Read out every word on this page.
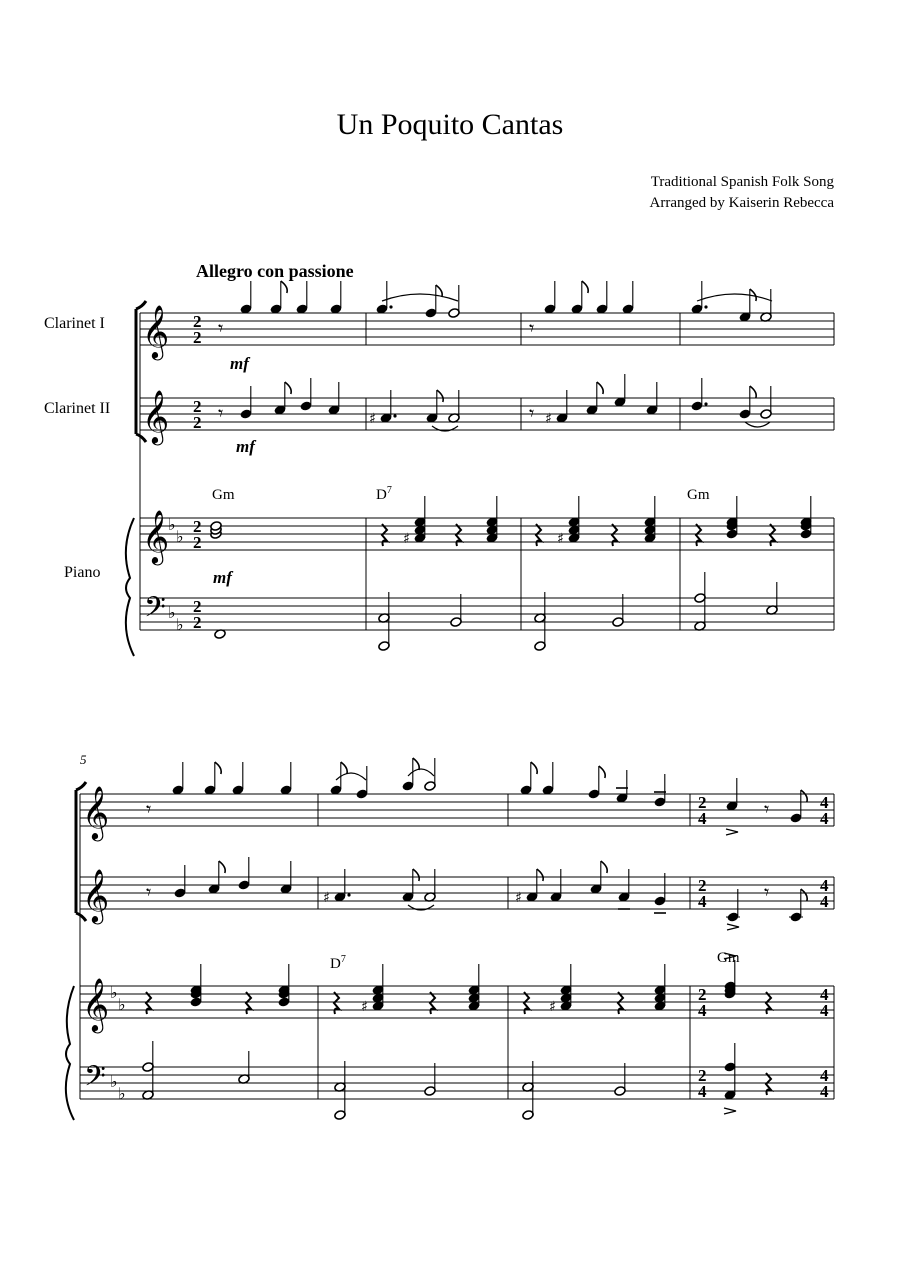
Un Poquito Cantas
Traditional Spanish Folk Song
Arranged by Kaiserin Rebecca
Allegro con passione
Clarinet I
Clarinet II
Piano
𝄞
𝄞
𝄞
𝄢
♭
♭
♭
♭
2
2
2
2
2
2
2
2
mf
mf
mf
Gm	$D^7$	Gm
𝄾	𝄾
𝄾	♯	𝄾 ♯
♯	♯
5
𝄞
𝄞
𝄞
𝄢
♭
♭
♭
♭
2
4
2
4
2
4
2
4
4
4
4
4
4
4
4
4
$D^7$	Gm
𝄾	𝄾
𝄾	♯	♯	𝄾
♯	♯
